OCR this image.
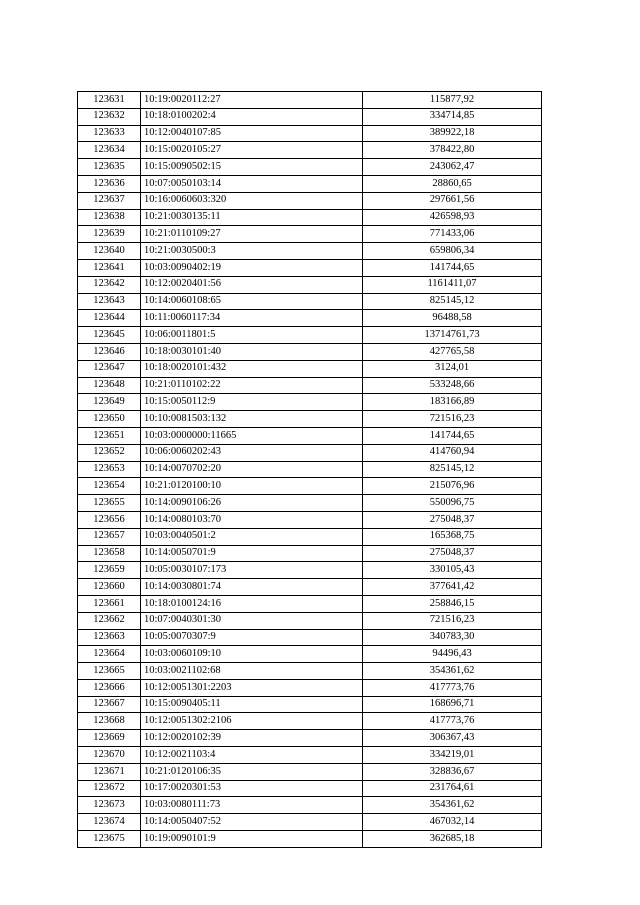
123631	10:19:0020112:27	115877,92
123632	10:18:0100202:4	334714,85
123633	10:12:0040107:85	389922,18
123634	10:15:0020105:27	378422,80
123635	10:15:0090502:15	243062,47
123636	10:07:0050103:14	28860,65
123637	10:16:0060603:320	297661,56
123638	10:21:0030135:11	426598,93
123639	10:21:0110109:27	771433,06
123640	10:21:0030500:3	659806,34
123641	10:03:0090402:19	141744,65
123642	10:12:0020401:56	1161411,07
123643	10:14:0060108:65	825145,12
123644	10:11:0060117:34	96488,58
123645	10:06:0011801:5	13714761,73
123646	10:18:0030101:40	427765,58
123647	10:18:0020101:432	3124,01
123648	10:21:0110102:22	533248,66
123649	10:15:0050112:9	183166,89
123650	10:10:0081503:132	721516,23
123651	10:03:0000000:11665	141744,65
123652	10:06:0060202:43	414760,94
123653	10:14:0070702:20	825145,12
123654	10:21:0120100:10	215076,96
123655	10:14:0090106:26	550096,75
123656	10:14:0080103:70	275048,37
123657	10:03:0040501:2	165368,75
123658	10:14:0050701:9	275048,37
123659	10:05:0030107:173	330105,43
123660	10:14:0030801:74	377641,42
123661	10:18:0100124:16	258846,15
123662	10:07:0040301:30	721516,23
123663	10:05:0070307:9	340783,30
123664	10:03:0060109:10	94496,43
123665	10:03:0021102:68	354361,62
123666	10:12:0051301:2203	417773,76
123667	10:15:0090405:11	168696,71
123668	10:12:0051302:2106	417773,76
123669	10:12:0020102:39	306367,43
123670	10:12:0021103:4	334219,01
123671	10:21:0120106:35	328836,67
123672	10:17:0020301:53	231764,61
123673	10:03:0080111:73	354361,62
123674	10:14:0050407:52	467032,14
123675	10:19:0090101:9	362685,18
